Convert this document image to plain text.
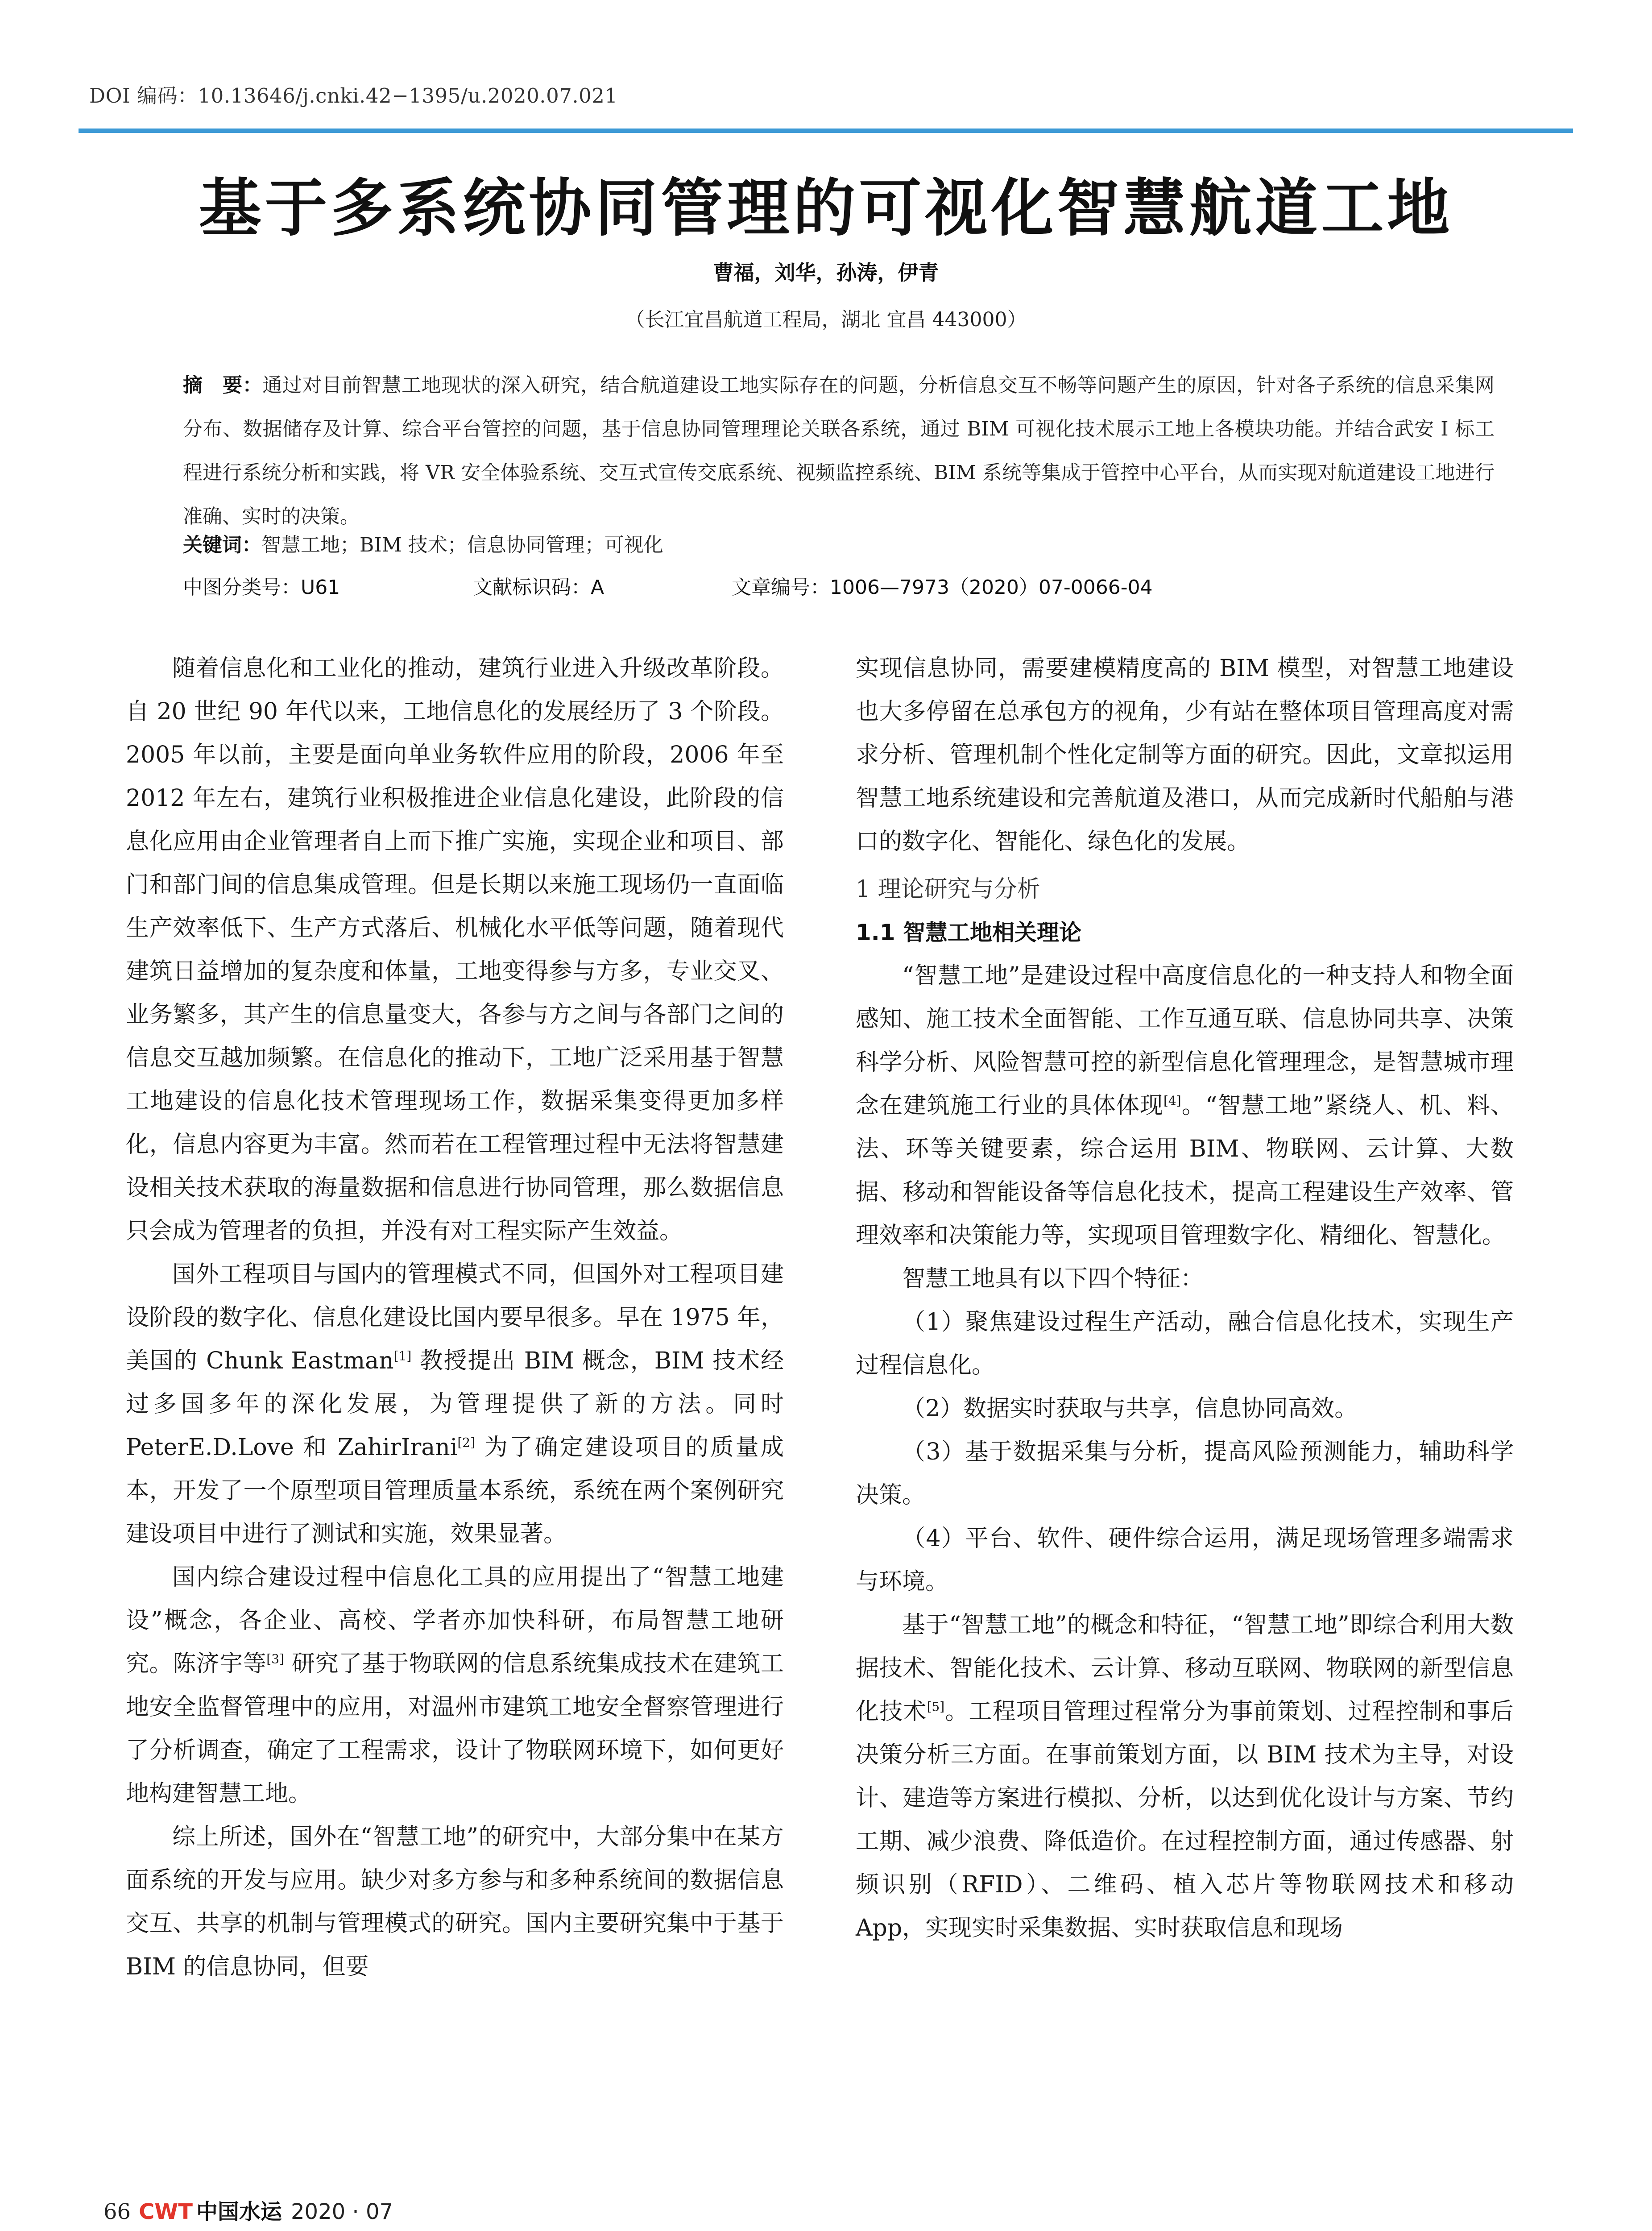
DOI 编码：10.13646/j.cnki.42−1395/u.2020.07.021
基于多系统协同管理的可视化智慧航道工地
曹福，刘华，孙涛，伊青
（长江宜昌航道工程局，湖北 宜昌 443000）
摘　要：通过对目前智慧工地现状的深入研究，结合航道建设工地实际存在的问题，分析信息交互不畅等问题产生的原因，针对各子系统的信息采集网分布、数据储存及计算、综合平台管控的问题，基于信息协同管理理论关联各系统，通过 BIM 可视化技术展示工地上各模块功能。并结合武安 I 标工程进行系统分析和实践，将 VR 安全体验系统、交互式宣传交底系统、视频监控系统、BIM 系统等集成于管控中心平台，从而实现对航道建设工地进行准确、实时的决策。
关键词：智慧工地；BIM 技术；信息协同管理；可视化
中图分类号：U61	文献标识码：A	文章编号：1006—7973（2020）07-0066-04

随着信息化和工业化的推动，建筑行业进入升级改革阶段。自 20 世纪 90 年代以来，工地信息化的发展经历了 3 个阶段。2005 年以前，主要是面向单业务软件应用的阶段，2006 年至 2012 年左右，建筑行业积极推进企业信息化建设，此阶段的信息化应用由企业管理者自上而下推广实施，实现企业和项目、部门和部门间的信息集成管理。但是长期以来施工现场仍一直面临生产效率低下、生产方式落后、机械化水平低等问题，随着现代建筑日益增加的复杂度和体量，工地变得参与方多，专业交叉、业务繁多，其产生的信息量变大，各参与方之间与各部门之间的信息交互越加频繁。在信息化的推动下，工地广泛采用基于智慧工地建设的信息化技术管理现场工作，数据采集变得更加多样化，信息内容更为丰富。然而若在工程管理过程中无法将智慧建设相关技术获取的海量数据和信息进行协同管理，那么数据信息只会成为管理者的负担，并没有对工程实际产生效益。

国外工程项目与国内的管理模式不同，但国外对工程项目建设阶段的数字化、信息化建设比国内要早很多。早在 1975 年，美国的 Chunk Eastman[1] 教授提出 BIM 概念，BIM 技术经过多国多年的深化发展，为管理提供了新的方法。同时 PeterE.D.Love 和 ZahirIrani[2] 为了确定建设项目的质量成本，开发了一个原型项目管理质量本系统，系统在两个案例研究建设项目中进行了测试和实施，效果显著。

国内综合建设过程中信息化工具的应用提出了“智慧工地建设”概念，各企业、高校、学者亦加快科研，布局智慧工地研究。陈济宇等[3] 研究了基于物联网的信息系统集成技术在建筑工地安全监督管理中的应用，对温州市建筑工地安全督察管理进行了分析调查，确定了工程需求，设计了物联网环境下，如何更好地构建智慧工地。

综上所述，国外在“智慧工地”的研究中，大部分集中在某方面系统的开发与应用。缺少对多方参与和多种系统间的数据信息交互、共享的机制与管理模式的研究。国内主要研究集中于基于 BIM 的信息协同，但要

实现信息协同，需要建模精度高的 BIM 模型，对智慧工地建设也大多停留在总承包方的视角，少有站在整体项目管理高度对需求分析、管理机制个性化定制等方面的研究。因此，文章拟运用智慧工地系统建设和完善航道及港口，从而完成新时代船舶与港口的数字化、智能化、绿色化的发展。

1 理论研究与分析

1.1 智慧工地相关理论

“智慧工地”是建设过程中高度信息化的一种支持人和物全面感知、施工技术全面智能、工作互通互联、信息协同共享、决策科学分析、风险智慧可控的新型信息化管理理念，是智慧城市理念在建筑施工行业的具体体现[4]。“智慧工地”紧绕人、机、料、法、环等关键要素，综合运用 BIM、物联网、云计算、大数据、移动和智能设备等信息化技术，提高工程建设生产效率、管理效率和决策能力等，实现项目管理数字化、精细化、智慧化。

智慧工地具有以下四个特征：

（1）聚焦建设过程生产活动，融合信息化技术，实现生产过程信息化。

（2）数据实时获取与共享，信息协同高效。

（3）基于数据采集与分析，提高风险预测能力，辅助科学决策。

（4）平台、软件、硬件综合运用，满足现场管理多端需求与环境。

基于“智慧工地”的概念和特征，“智慧工地”即综合利用大数据技术、智能化技术、云计算、移动互联网、物联网的新型信息化技术[5]。工程项目管理过程常分为事前策划、过程控制和事后决策分析三方面。在事前策划方面，以 BIM 技术为主导，对设计、建造等方案进行模拟、分析，以达到优化设计与方案、节约工期、减少浪费、降低造价。在过程控制方面，通过传感器、射频识别（RFID）、二维码、植入芯片等物联网技术和移动 App，实现实时采集数据、实时获取信息和现场

66 CWT 中国水运 2020 · 07
